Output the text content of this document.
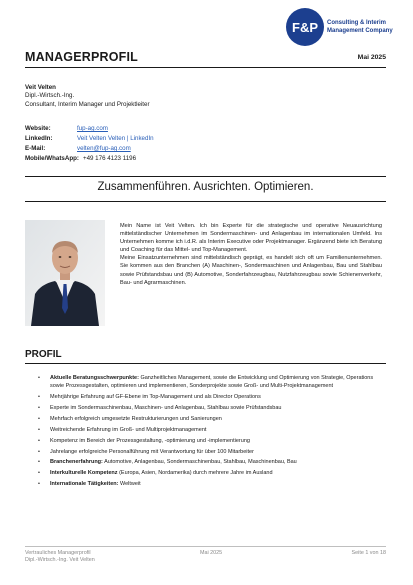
F&P Consulting & Interim
Management Company
MANAGERPROFIL	Mai 2025
Veit Velten
Dipl.-Wirtsch.-Ing.
Consultant, Interim Manager und Projektleiter
Website:	fup-ag.com
LinkedIn:	Veit Velten Velten | LinkedIn
E-Mail:	velten@fup-ag.com
Mobile/WhatsApp: +49 176 4123 1196
Zusammenführen. Ausrichten. Optimieren.

Mein Name ist Veit Velten. Ich bin Experte für die strategische und operative Neuausrichtung mittelständischer Unternehmen im Sondermaschinen- und Anlagenbau im internationalen Umfeld. Ins Unternehmen komme ich i.d.R. als Interim Executive oder Projektmanager. Ergänzend biete ich Beratung und Coaching für das Mittel- und Top-Management.

Meine Einsatzunternehmen sind mittelständisch geprägt, es handelt sich oft um Familienunternehmen. Sie kommen aus den Branchen (A) Maschinen-, Sondermaschinen und Anlagenbau, Bau und Stahlbau sowie Prüfstandsbau und (B) Automotive, Sonderfahrzeugbau, Nutzfahrzeugbau sowie Schienenverkehr, Bau- und Agrarmaschinen.

PROFIL
• Aktuelle Beratungsschwerpunkte: Ganzheitliches Management, sowie die Entwicklung und Optimierung von Strategie, Operations sowie Prozessgestalten, optimieren und implementieren, Sonderprojekte sowie Groß- und Multi-Projektmanagement
• Mehrjährige Erfahrung auf GF-Ebene im Top-Management und als Director Operations
• Experte im Sondermaschinenbau, Maschinen- und Anlagenbau, Stahlbau sowie Prüfstandsbau
• Mehrfach erfolgreich umgesetzte Restrukturierungen und Sanierungen
• Weitreichende Erfahrung im Groß- und Multiprojektmanagement
• Kompetenz im Bereich der Prozessgestaltung, -optimierung und -implementierung
• Jahrelange erfolgreiche Personalführung mit Verantwortung für über 100 Mitarbeiter
• Branchenerfahrung: Automotive, Anlagenbau, Sondermaschinenbau, Stahlbau, Maschinenbau, Bau
• Interkulturelle Kompetenz (Europa, Asien, Nordamerika) durch mehrere Jahre im Ausland
• Internationale Tätigkeiten: Weltweit
Vertrauliches Managerprofil
Dipl.-Wirtsch.-Ing. Veit Velten
Mai 2025	Seite 1 von 18
